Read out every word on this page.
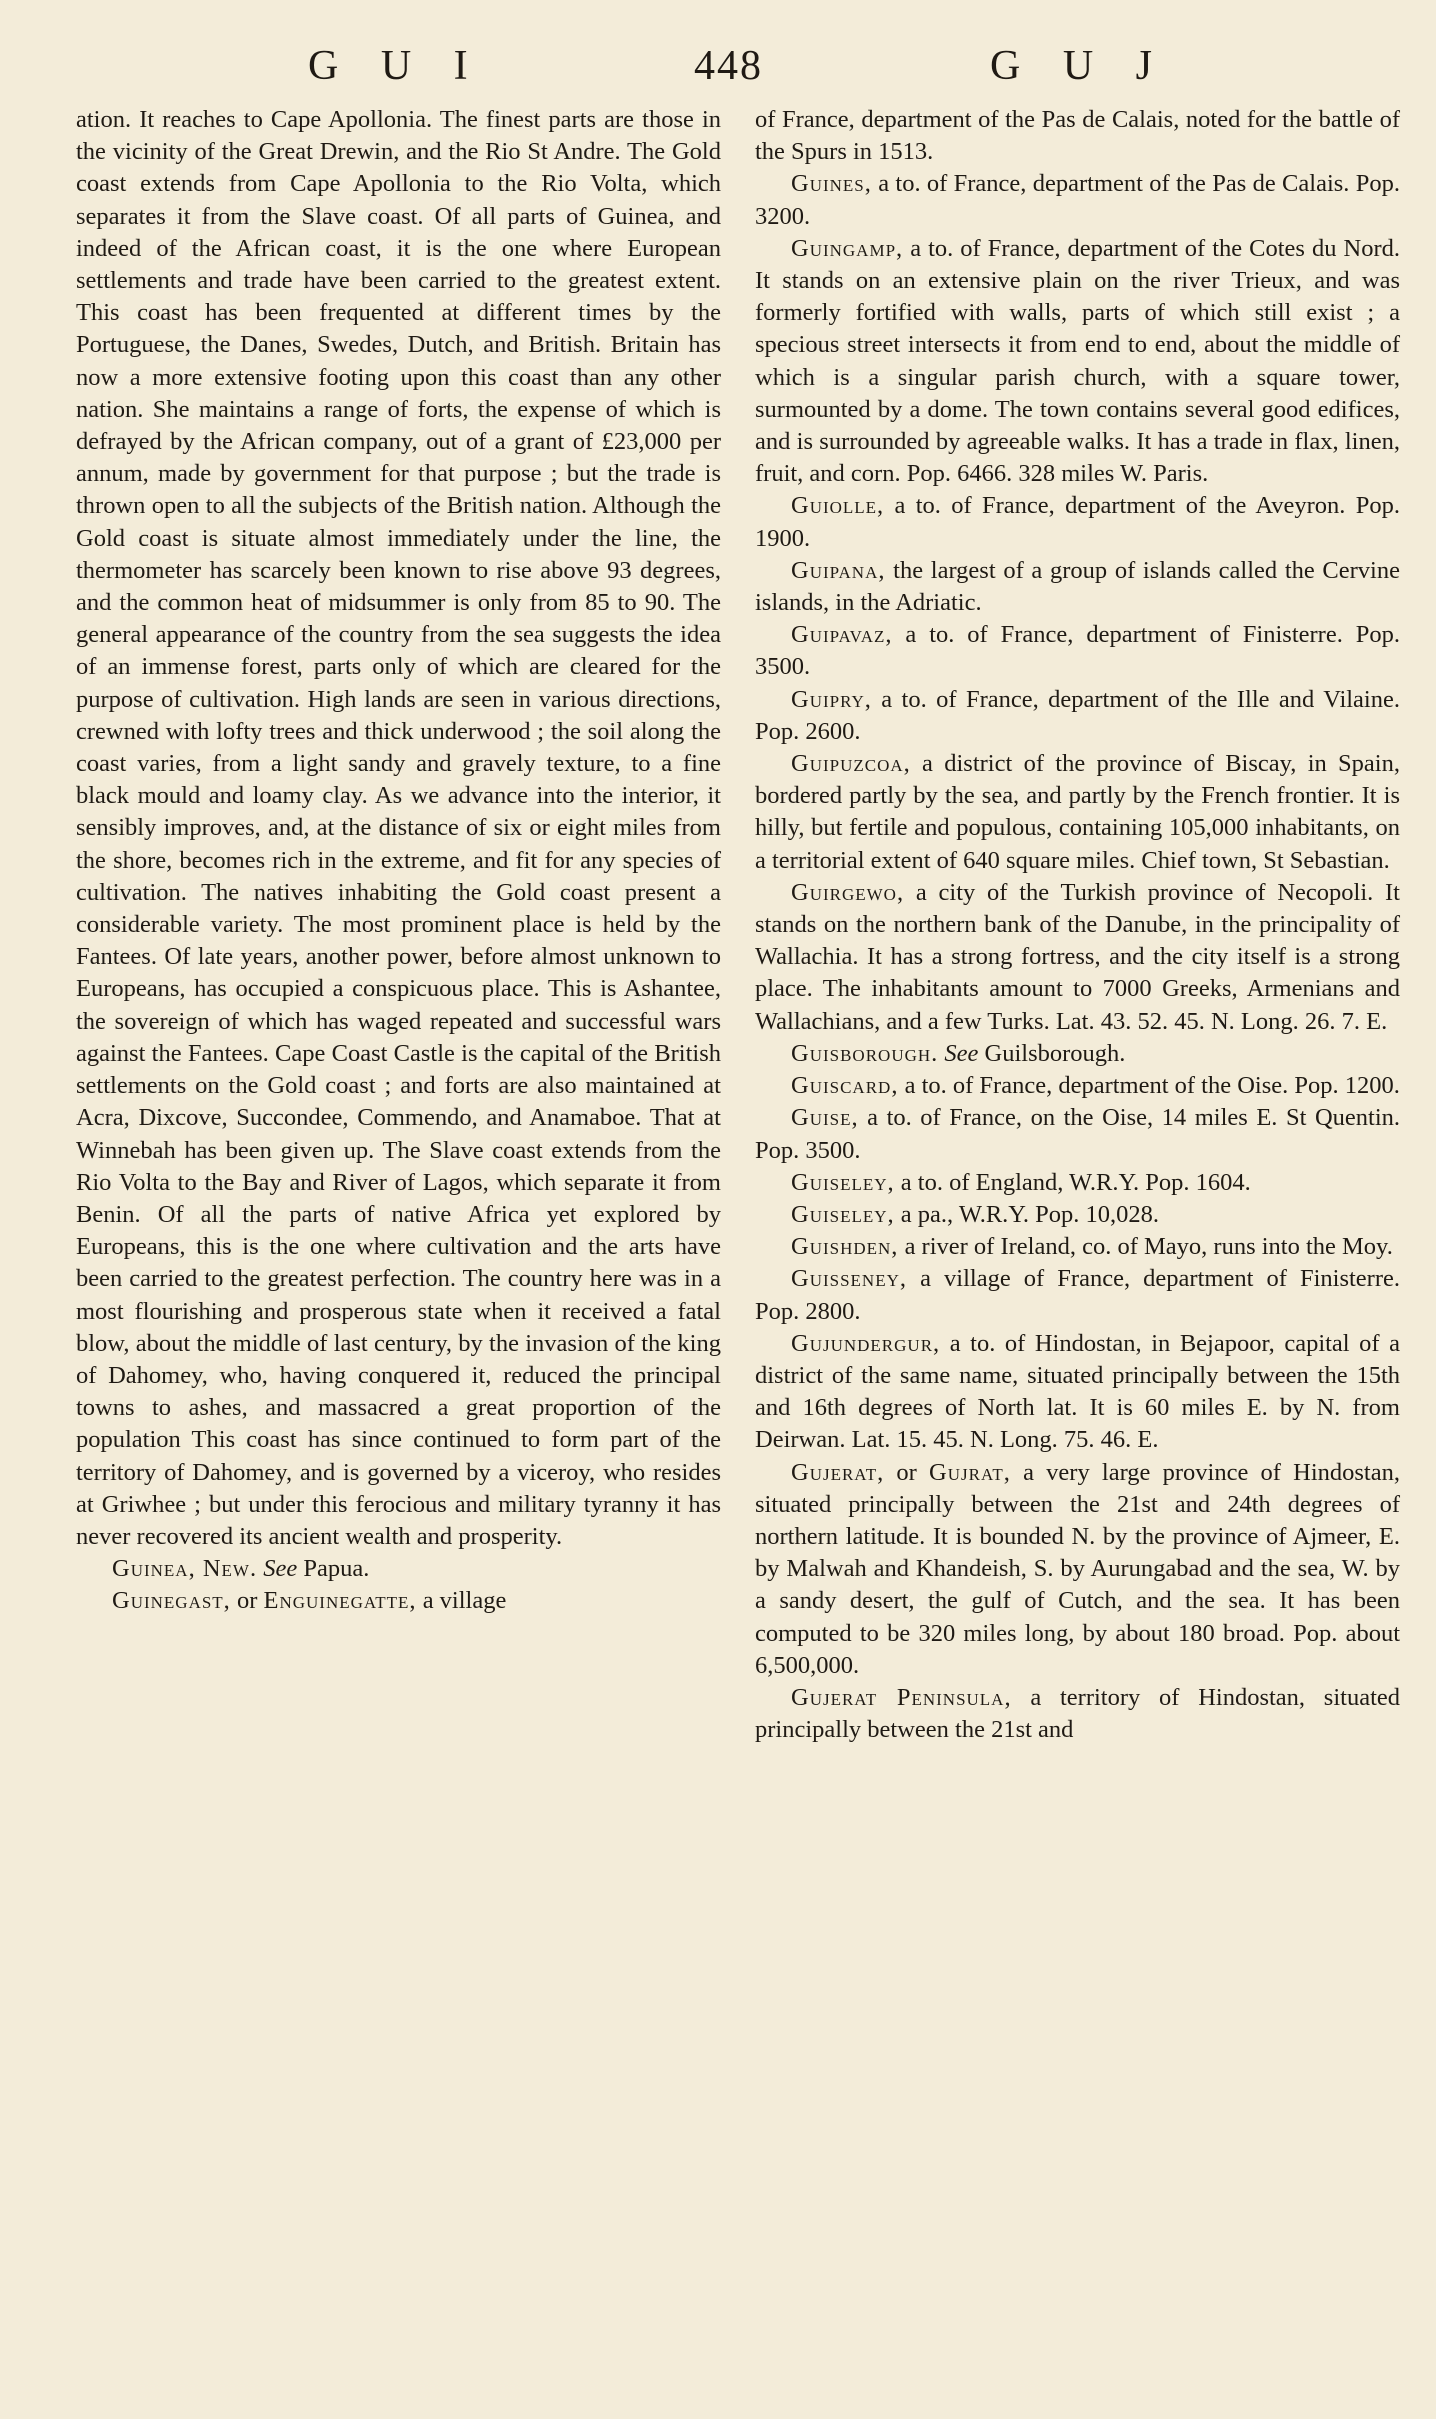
G U I	448	G U J

ation. It reaches to Cape Apollonia. The finest parts are those in the vicinity of the Great Drewin, and the Rio St Andre. The Gold coast extends from Cape Apollonia to the Rio Volta, which separates it from the Slave coast. Of all parts of Guinea, and indeed of the African coast, it is the one where European settlements and trade have been carried to the greatest extent. This coast has been frequented at different times by the Portuguese, the Danes, Swedes, Dutch, and British. Britain has now a more extensive footing upon this coast than any other nation. She maintains a range of forts, the expense of which is defrayed by the African company, out of a grant of £23,000 per annum, made by government for that purpose ; but the trade is thrown open to all the subjects of the British nation. Although the Gold coast is situate almost immediately under the line, the thermometer has scarcely been known to rise above 93 degrees, and the common heat of midsummer is only from 85 to 90. The general appearance of the country from the sea suggests the idea of an immense forest, parts only of which are cleared for the purpose of cultivation. High lands are seen in various directions, crewned with lofty trees and thick underwood ; the soil along the coast varies, from a light sandy and gravely texture, to a fine black mould and loamy clay. As we advance into the interior, it sensibly improves, and, at the distance of six or eight miles from the shore, becomes rich in the extreme, and fit for any species of cultivation. The natives inhabiting the Gold coast present a considerable variety. The most prominent place is held by the Fantees. Of late years, another power, before almost unknown to Europeans, has occupied a conspicuous place. This is Ashantee, the sovereign of which has waged repeated and successful wars against the Fantees. Cape Coast Castle is the capital of the British settlements on the Gold coast ; and forts are also maintained at Acra, Dixcove, Succondee, Commendo, and Anamaboe. That at Winnebah has been given up. The Slave coast extends from the Rio Volta to the Bay and River of Lagos, which separate it from Benin. Of all the parts of native Africa yet explored by Europeans, this is the one where cultivation and the arts have been carried to the greatest perfection. The country here was in a most flourishing and prosperous state when it received a fatal blow, about the middle of last century, by the invasion of the king of Dahomey, who, having conquered it, reduced the principal towns to ashes, and massacred a great proportion of the population This coast has since continued to form part of the territory of Dahomey, and is governed by a viceroy, who resides at Griwhee ; but under this ferocious and military tyranny it has never recovered its ancient wealth and prosperity.

Guinea, New. See Papua.

Guinegast, or Enguinegatte, a village

of France, department of the Pas de Calais, noted for the battle of the Spurs in 1513.

Guines, a to. of France, department of the Pas de Calais. Pop. 3200.

Guingamp, a to. of France, department of the Cotes du Nord. It stands on an extensive plain on the river Trieux, and was formerly fortified with walls, parts of which still exist ; a specious street intersects it from end to end, about the middle of which is a singular parish church, with a square tower, surmounted by a dome. The town contains several good edifices, and is surrounded by agreeable walks. It has a trade in flax, linen, fruit, and corn. Pop. 6466. 328 miles W. Paris.

Guiolle, a to. of France, department of the Aveyron. Pop. 1900.

Guipana, the largest of a group of islands called the Cervine islands, in the Adriatic.

Guipavaz, a to. of France, department of Finisterre. Pop. 3500.

Guipry, a to. of France, department of the Ille and Vilaine. Pop. 2600.

Guipuzcoa, a district of the province of Biscay, in Spain, bordered partly by the sea, and partly by the French frontier. It is hilly, but fertile and populous, containing 105,000 inhabitants, on a territorial extent of 640 square miles. Chief town, St Sebastian.

Guirgewo, a city of the Turkish province of Necopoli. It stands on the northern bank of the Danube, in the principality of Wallachia. It has a strong fortress, and the city itself is a strong place. The inhabitants amount to 7000 Greeks, Armenians and Wallachians, and a few Turks. Lat. 43. 52. 45. N. Long. 26. 7. E.

Guisborough. See Guilsborough.

Guiscard, a to. of France, department of the Oise. Pop. 1200.

Guise, a to. of France, on the Oise, 14 miles E. St Quentin. Pop. 3500.

Guiseley, a to. of England, W.R.Y. Pop. 1604.

Guiseley, a pa., W.R.Y. Pop. 10,028.

Guishden, a river of Ireland, co. of Mayo, runs into the Moy.

Guisseney, a village of France, department of Finisterre. Pop. 2800.

Gujundergur, a to. of Hindostan, in Bejapoor, capital of a district of the same name, situated principally between the 15th and 16th degrees of North lat. It is 60 miles E. by N. from Deirwan. Lat. 15. 45. N. Long. 75. 46. E.

Gujerat, or Gujrat, a very large province of Hindostan, situated principally between the 21st and 24th degrees of northern latitude. It is bounded N. by the province of Ajmeer, E. by Malwah and Khandeish, S. by Aurungabad and the sea, W. by a sandy desert, the gulf of Cutch, and the sea. It has been computed to be 320 miles long, by about 180 broad. Pop. about 6,500,000.

Gujerat Peninsula, a territory of Hindostan, situated principally between the 21st and
